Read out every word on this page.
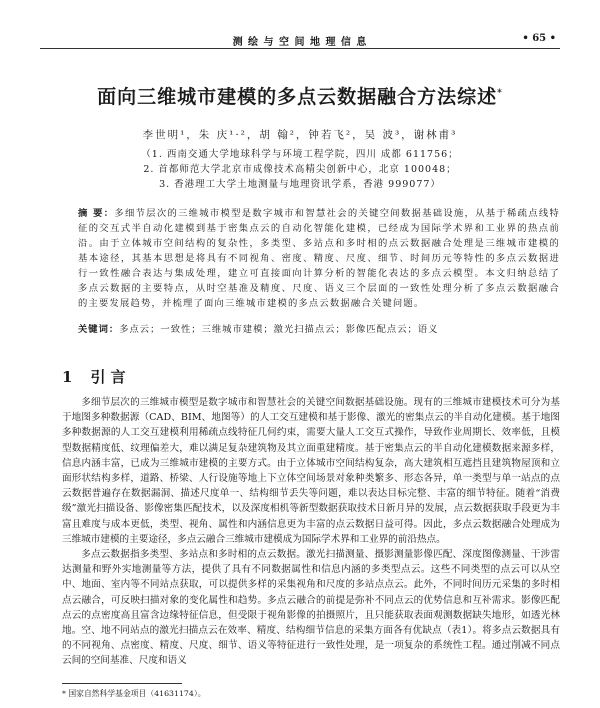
测 绘 与 空 间 地 理 信 息	• 65 •
面向三维城市建模的多点云数据融合方法综述*
李世明¹，朱 庆¹·²，胡 翰²，钟若飞²，吴 波³，谢林甫³
（1. 西南交通大学地球科学与环境工程学院，四川 成都 611756；
2. 首都师范大学北京市成像技术高精尖创新中心，北京 100048；
3. 香港理工大学土地测量与地理资讯学系，香港 999077）
摘 要：多细节层次的三维城市模型是数字城市和智慧社会的关键空间数据基础设施，从基于稀疏点线特征的交互式半自动化建模到基于密集点云的自动化智能化建模，已经成为国际学术界和工业界的热点前沿。由于立体城市空间结构的复杂性，多类型、多站点和多时相的点云数据融合处理是三维城市建模的基本途径，其基本思想是将具有不同视角、密度、精度、尺度、细节、时间历元等特性的多点云数据进行一致性融合表达与集成处理，建立可直接面向计算分析的智能化表达的多点云模型。本文归纳总结了多点云数据的主要特点，从时空基准及精度、尺度、语义三个层面的一致性处理分析了多点云数据融合的主要发展趋势，并梳理了面向三维城市建模的多点云数据融合关键问题。
关键词：多点云；一致性；三维城市建模；激光扫描点云；影像匹配点云；语义
1 引 言

多细节层次的三维城市模型是数字城市和智慧社会的关键空间数据基础设施。现有的三维城市建模技术可分为基于地图多种数据源（CAD、BIM、地图等）的人工交互建模和基于影像、激光的密集点云的半自动化建模。基于地图多种数据源的人工交互建模利用稀疏点线特征几何约束，需要大量人工交互式操作，导致作业周期长、效率低，且模型数据精度低、纹理偏差大，难以满足复杂建筑物及其立面重建精度。基于密集点云的半自动化建模数据来源多样，信息内涵丰富，已成为三维城市建模的主要方式。由于立体城市空间结构复杂，高大建筑相互遮挡且建筑物屋顶和立面形状结构多样，道路、桥梁、人行设施等地上下立体空间场景对象种类繁多、形态各异，单一类型与单一站点的点云数据普遍存在数据漏洞、描述尺度单一、结构细节丢失等问题，难以表达目标完整、丰富的细节特征。随着“消费级”激光扫描设备、影像密集匹配技术，以及深度相机等新型数据获取技术日新月异的发展，点云数据获取手段更为丰富且难度与成本更低，类型、视角、属性和内涵信息更为丰富的点云数据日益可得。因此，多点云数据融合处理成为三维城市建模的主要途径，多点云融合三维城市建模成为国际学术界和工业界的前沿热点。

多点云数据指多类型、多站点和多时相的点云数据。激光扫描测量、摄影测量影像匹配、深度图像测量、干涉雷达测量和野外实地测量等方法，提供了具有不同数据属性和信息内涵的多类型点云。这些不同类型的点云可以从空中、地面、室内等不同站点获取，可以提供多样的采集视角和尺度的多站点点云。此外，不同时间历元采集的多时相点云融合，可反映扫描对象的变化属性和趋势。多点云融合的前提是弥补不同点云的优势信息和互补需求。影像匹配点云的点密度高且富含边缘特征信息，但受限于视角影像的拍摄照片，且只能获取表面观测数据缺失地形，如透光林地。空、地不同站点的激光扫描点云在效率、精度、结构细节信息的采集方面各有优缺点（表1）。将多点云数据具有的不同视角、点密度、精度、尺度、细节、语义等特征进行一致性处理，是一项复杂的系统性工程。通过削减不同点云间的空间基准、尺度和语义

* 国家自然科学基金项目（41631174）。
